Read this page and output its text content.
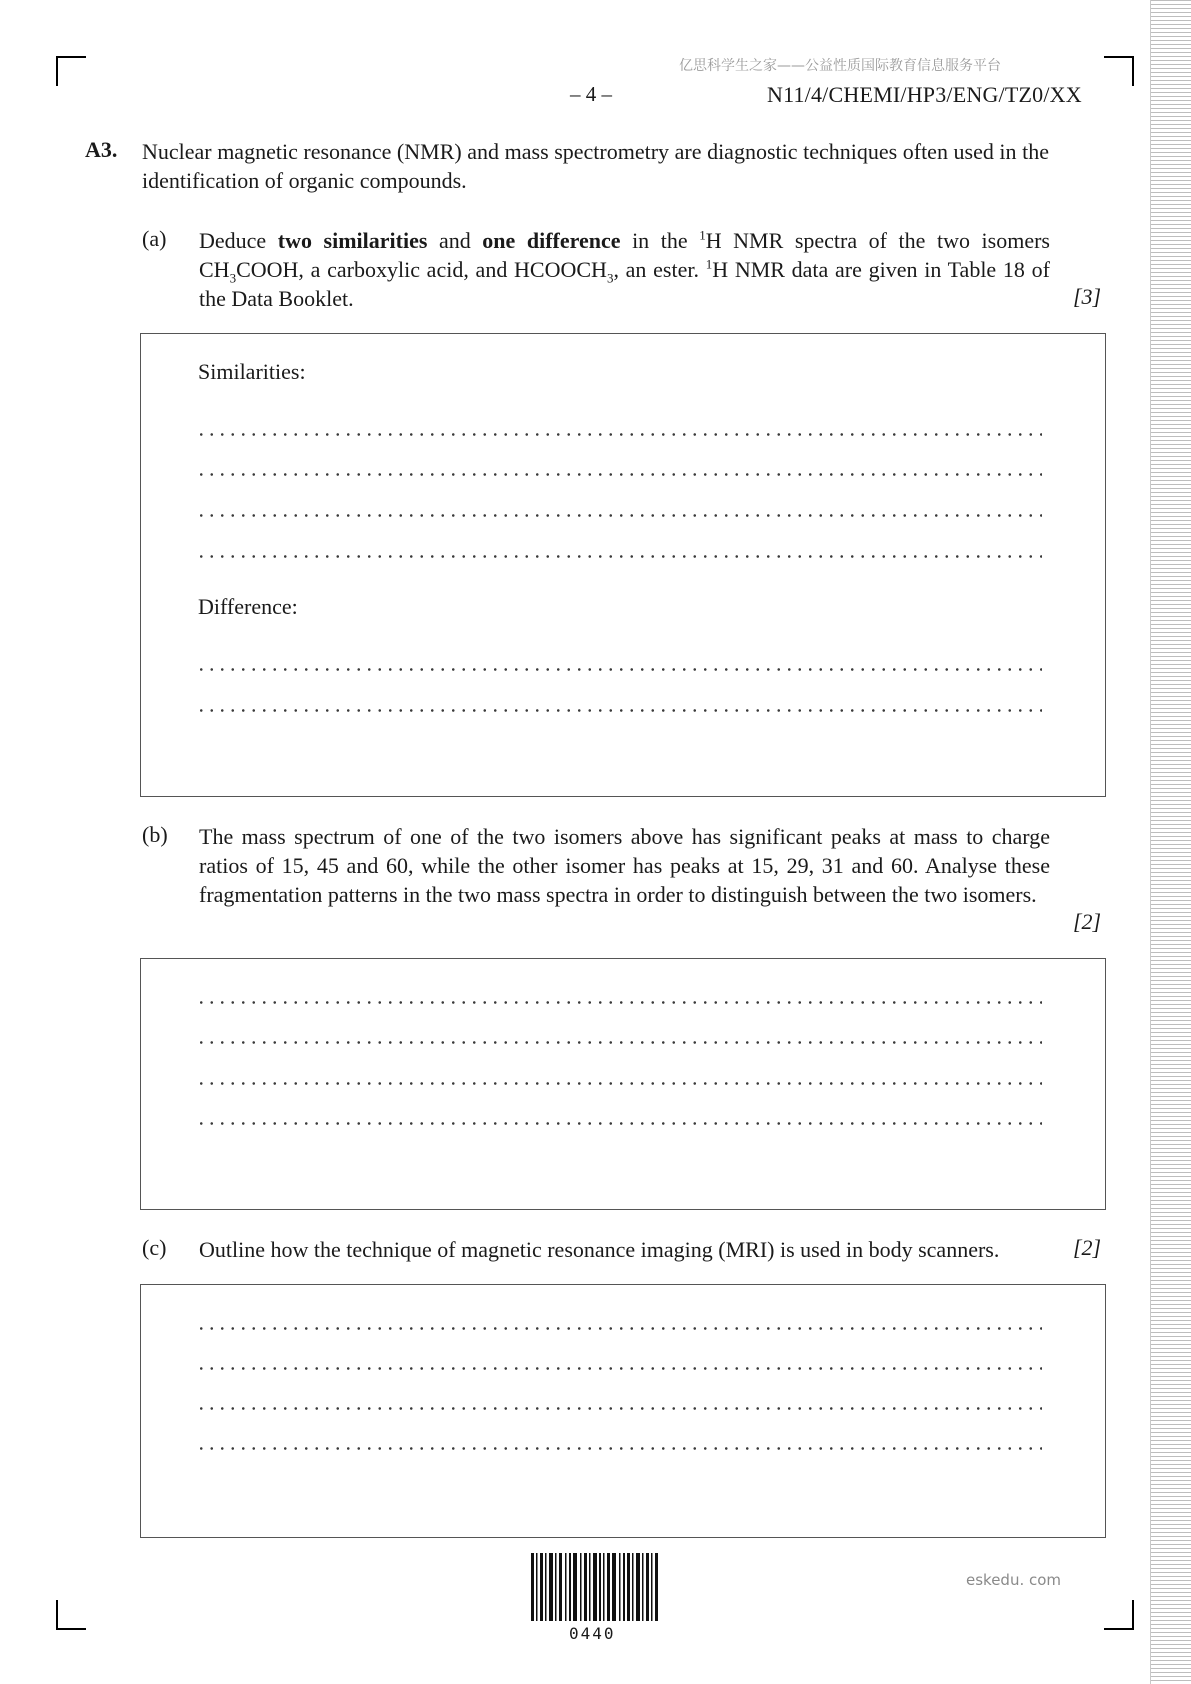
亿思科学生之家——公益性质国际教育信息服务平台
– 4 –	N11/4/CHEMI/HP3/ENG/TZ0/XX
A3. Nuclear magnetic resonance (NMR) and mass spectrometry are diagnostic techniques often used in the identification of organic compounds.
(a) Deduce two similarities and one difference in the $^1$H NMR spectra of the two isomers $CH_3COOH$, a carboxylic acid, and $HCOOCH_3$, an ester. $^1$H NMR data are given in Table 18 of the Data Booklet.	[3]
Similarities:
Difference:
(b) The mass spectrum of one of the two isomers above has significant peaks at mass to charge ratios of 15, 45 and 60, while the other isomer has peaks at 15, 29, 31 and 60. Analyse these fragmentation patterns in the two mass spectra in order to distinguish between the two isomers.
[2]
(c) Outline how the technique of magnetic resonance imaging (MRI) is used in body scanners.	[2]
0440
eskedu. com
